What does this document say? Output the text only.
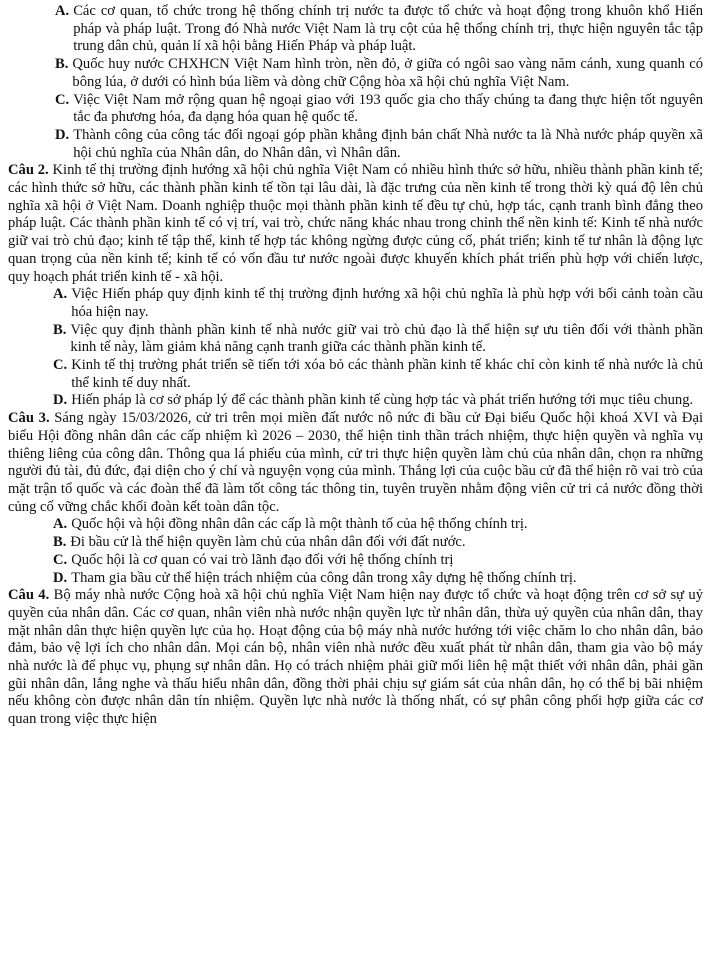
A. Các cơ quan, tổ chức trong hệ thống chính trị nước ta được tổ chức và hoạt động trong khuôn khổ Hiến pháp và pháp luật. Trong đó Nhà nước Việt Nam là trụ cột của hệ thống chính trị, thực hiện nguyên tắc tập trung dân chủ, quản lí xã hội bằng Hiến Pháp và pháp luật.
B. Quốc huy nước CHXHCN Việt Nam hình tròn, nền đỏ, ở giữa có ngôi sao vàng năm cánh, xung quanh có bông lúa, ở dưới có hình búa liềm và dòng chữ Cộng hòa xã hội chủ nghĩa Việt Nam.
C. Việc Việt Nam mở rộng quan hệ ngoại giao với 193 quốc gia cho thấy chúng ta đang thực hiện tốt nguyên tắc đa phương hóa, đa dạng hóa quan hệ quốc tế.
D. Thành công của công tác đối ngoại góp phần khẳng định bản chất Nhà nước ta là Nhà nước pháp quyền xã hội chủ nghĩa của Nhân dân, do Nhân dân, vì Nhân dân.
Câu 2. Kinh tế thị trường định hướng xã hội chủ nghĩa Việt Nam có nhiều hình thức sở hữu, nhiều thành phần kinh tế; các hình thức sở hữu, các thành phần kinh tế tồn tại lâu dài, là đặc trưng của nền kinh tế trong thời kỳ quá độ lên chủ nghĩa xã hội ở Việt Nam. Doanh nghiệp thuộc mọi thành phần kinh tế đều tự chủ, hợp tác, cạnh tranh bình đẳng theo pháp luật. Các thành phần kinh tế có vị trí, vai trò, chức năng khác nhau trong chỉnh thể nền kinh tế: Kinh tế nhà nước giữ vai trò chủ đạo; kinh tế tập thể, kinh tế hợp tác không ngừng được củng cố, phát triển; kinh tế tư nhân là động lực quan trọng của nền kinh tế; kinh tế có vốn đầu tư nước ngoài được khuyến khích phát triển phù hợp với chiến lược, quy hoạch phát triển kinh tế - xã hội.
A. Việc Hiến pháp quy định kinh tế thị trường định hướng xã hội chủ nghĩa là phù hợp với bối cảnh toàn cầu hóa hiện nay.
B. Việc quy định thành phần kinh tế nhà nước giữ vai trò chủ đạo là thể hiện sự ưu tiên đối với thành phần kinh tế này, làm giảm khả năng cạnh tranh giữa các thành phần kinh tế.
C. Kinh tế thị trường phát triển sẽ tiến tới xóa bỏ các thành phần kinh tế khác chỉ còn kinh tế nhà nước là chủ thể kinh tế duy nhất.
D. Hiến pháp là cơ sở pháp lý để các thành phần kinh tế cùng hợp tác và phát triển hướng tới mục tiêu chung.
Câu 3. Sáng ngày 15/03/2026, cử tri trên mọi miền đất nước nô nức đi bầu cử Đại biểu Quốc hội khoá XVI và Đại biểu Hội đồng nhân dân các cấp nhiệm kì 2026 – 2030, thể hiện tinh thần trách nhiệm, thực hiện quyền và nghĩa vụ thiêng liêng của công dân. Thông qua lá phiếu của mình, cử tri thực hiện quyền làm chủ của nhân dân, chọn ra những người đủ tài, đủ đức, đại diện cho ý chí và nguyện vọng của mình. Thắng lợi của cuộc bầu cử đã thể hiện rõ vai trò của mặt trận tổ quốc và các đoàn thể đã làm tốt công tác thông tin, tuyên truyền nhằm động viên cử tri cả nước đồng thời củng cố vững chắc khối đoàn kết toàn dân tộc.
A. Quốc hội và hội đồng nhân dân các cấp là một thành tố của hệ thống chính trị.
B. Đi bầu cử là thể hiện quyền làm chủ của nhân dân đối với đất nước.
C. Quốc hội là cơ quan có vai trò lãnh đạo đối với hệ thống chính trị
D. Tham gia bầu cử thể hiện trách nhiệm của công dân trong xây dựng hệ thống chính trị.
Câu 4. Bộ máy nhà nước Cộng hoà xã hội chủ nghĩa Việt Nam hiện nay được tổ chức và hoạt động trên cơ sở sự uỷ quyền của nhân dân. Các cơ quan, nhân viên nhà nước nhận quyền lực từ nhân dân, thừa uỷ quyền của nhân dân, thay mặt nhân dân thực hiện quyền lực của họ. Hoạt động của bộ máy nhà nước hướng tới việc chăm lo cho nhân dân, bảo đảm, bảo vệ lợi ích cho nhân dân. Mọi cán bộ, nhân viên nhà nước đều xuất phát từ nhân dân, tham gia vào bộ máy nhà nước là để phục vụ, phụng sự nhân dân. Họ có trách nhiệm phải giữ mối liên hệ mật thiết với nhân dân, phải gần gũi nhân dân, lắng nghe và thấu hiểu nhân dân, đồng thời phải chịu sự giám sát của nhân dân, họ có thể bị bãi nhiệm nếu không còn được nhân dân tín nhiệm. Quyền lực nhà nước là thống nhất, có sự phân công phối hợp giữa các cơ quan trong việc thực hiện
